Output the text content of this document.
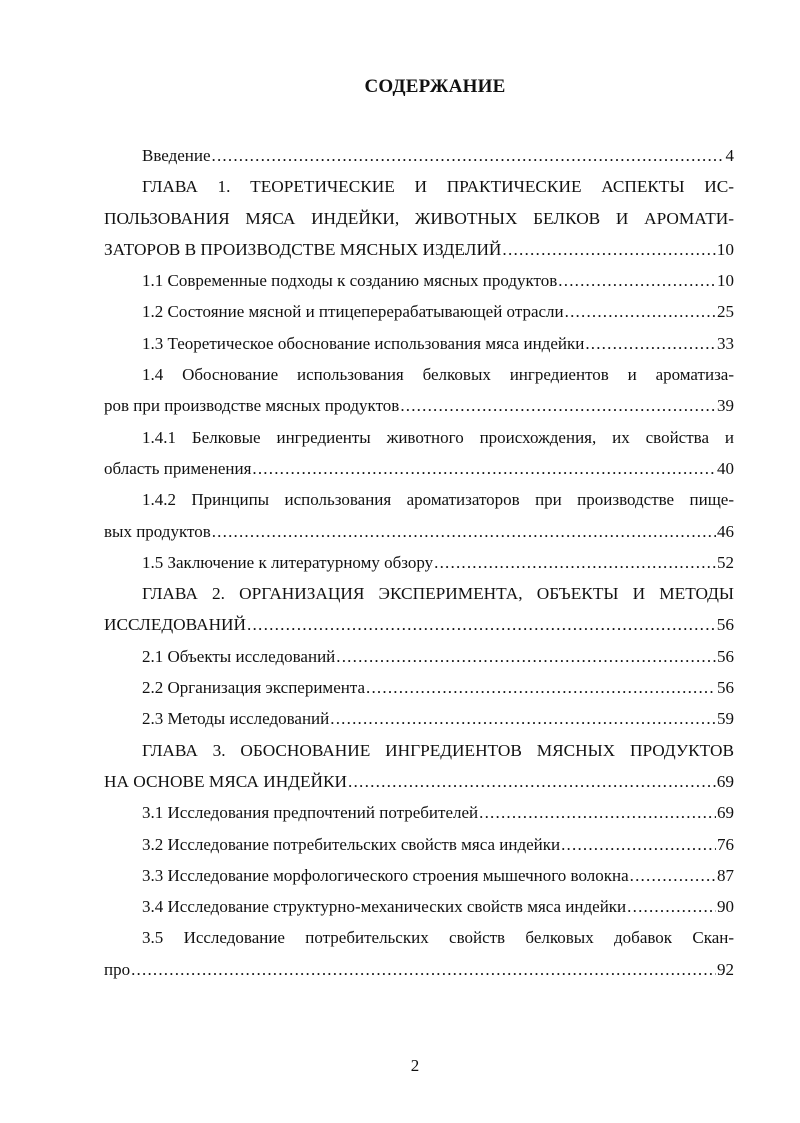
СОДЕРЖАНИЕ
Введение .....	4
ГЛАВА 1. ТЕОРЕТИЧЕСКИЕ И ПРАКТИЧЕСКИЕ АСПЕКТЫ ИС-
ПОЛЬЗОВАНИЯ МЯСА ИНДЕЙКИ, ЖИВОТНЫХ БЕЛКОВ И АРОМАТИ-
ЗАТОРОВ В ПРОИЗВОДСТВЕ МЯСНЫХ ИЗДЕЛИЙ .....	10
1.1 Современные подходы к созданию мясных продуктов .....	10
1.2 Состояние мясной и птицеперерабатывающей отрасли .....	25
1.3 Теоретическое обоснование использования мяса индейки .....	33
1.4 Обоснование использования белковых ингредиентов и ароматиза-
ров при производстве мясных продуктов .....	39
1.4.1 Белковые ингредиенты животного происхождения, их свойства и
область применения .....	40
1.4.2 Принципы использования ароматизаторов при производстве пище-
вых продуктов .....	46
1.5 Заключение к литературному обзору .....	52
ГЛАВА 2. ОРГАНИЗАЦИЯ ЭКСПЕРИМЕНТА, ОБЪЕКТЫ И МЕТОДЫ
ИССЛЕДОВАНИЙ .....	56
2.1 Объекты исследований .....	56
2.2 Организация эксперимента .....	56
2.3 Методы исследований .....	59
ГЛАВА 3. ОБОСНОВАНИЕ ИНГРЕДИЕНТОВ МЯСНЫХ ПРОДУКТОВ
НА ОСНОВЕ МЯСА ИНДЕЙКИ .....	69
3.1 Исследования предпочтений потребителей .....	69
3.2 Исследование потребительских свойств мяса индейки .....	76
3.3 Исследование морфологического строения мышечного волокна .....	87
3.4 Исследование структурно-механических свойств мяса индейки .....	90
3.5 Исследование потребительских свойств белковых добавок Скан-
про .....	92
2
